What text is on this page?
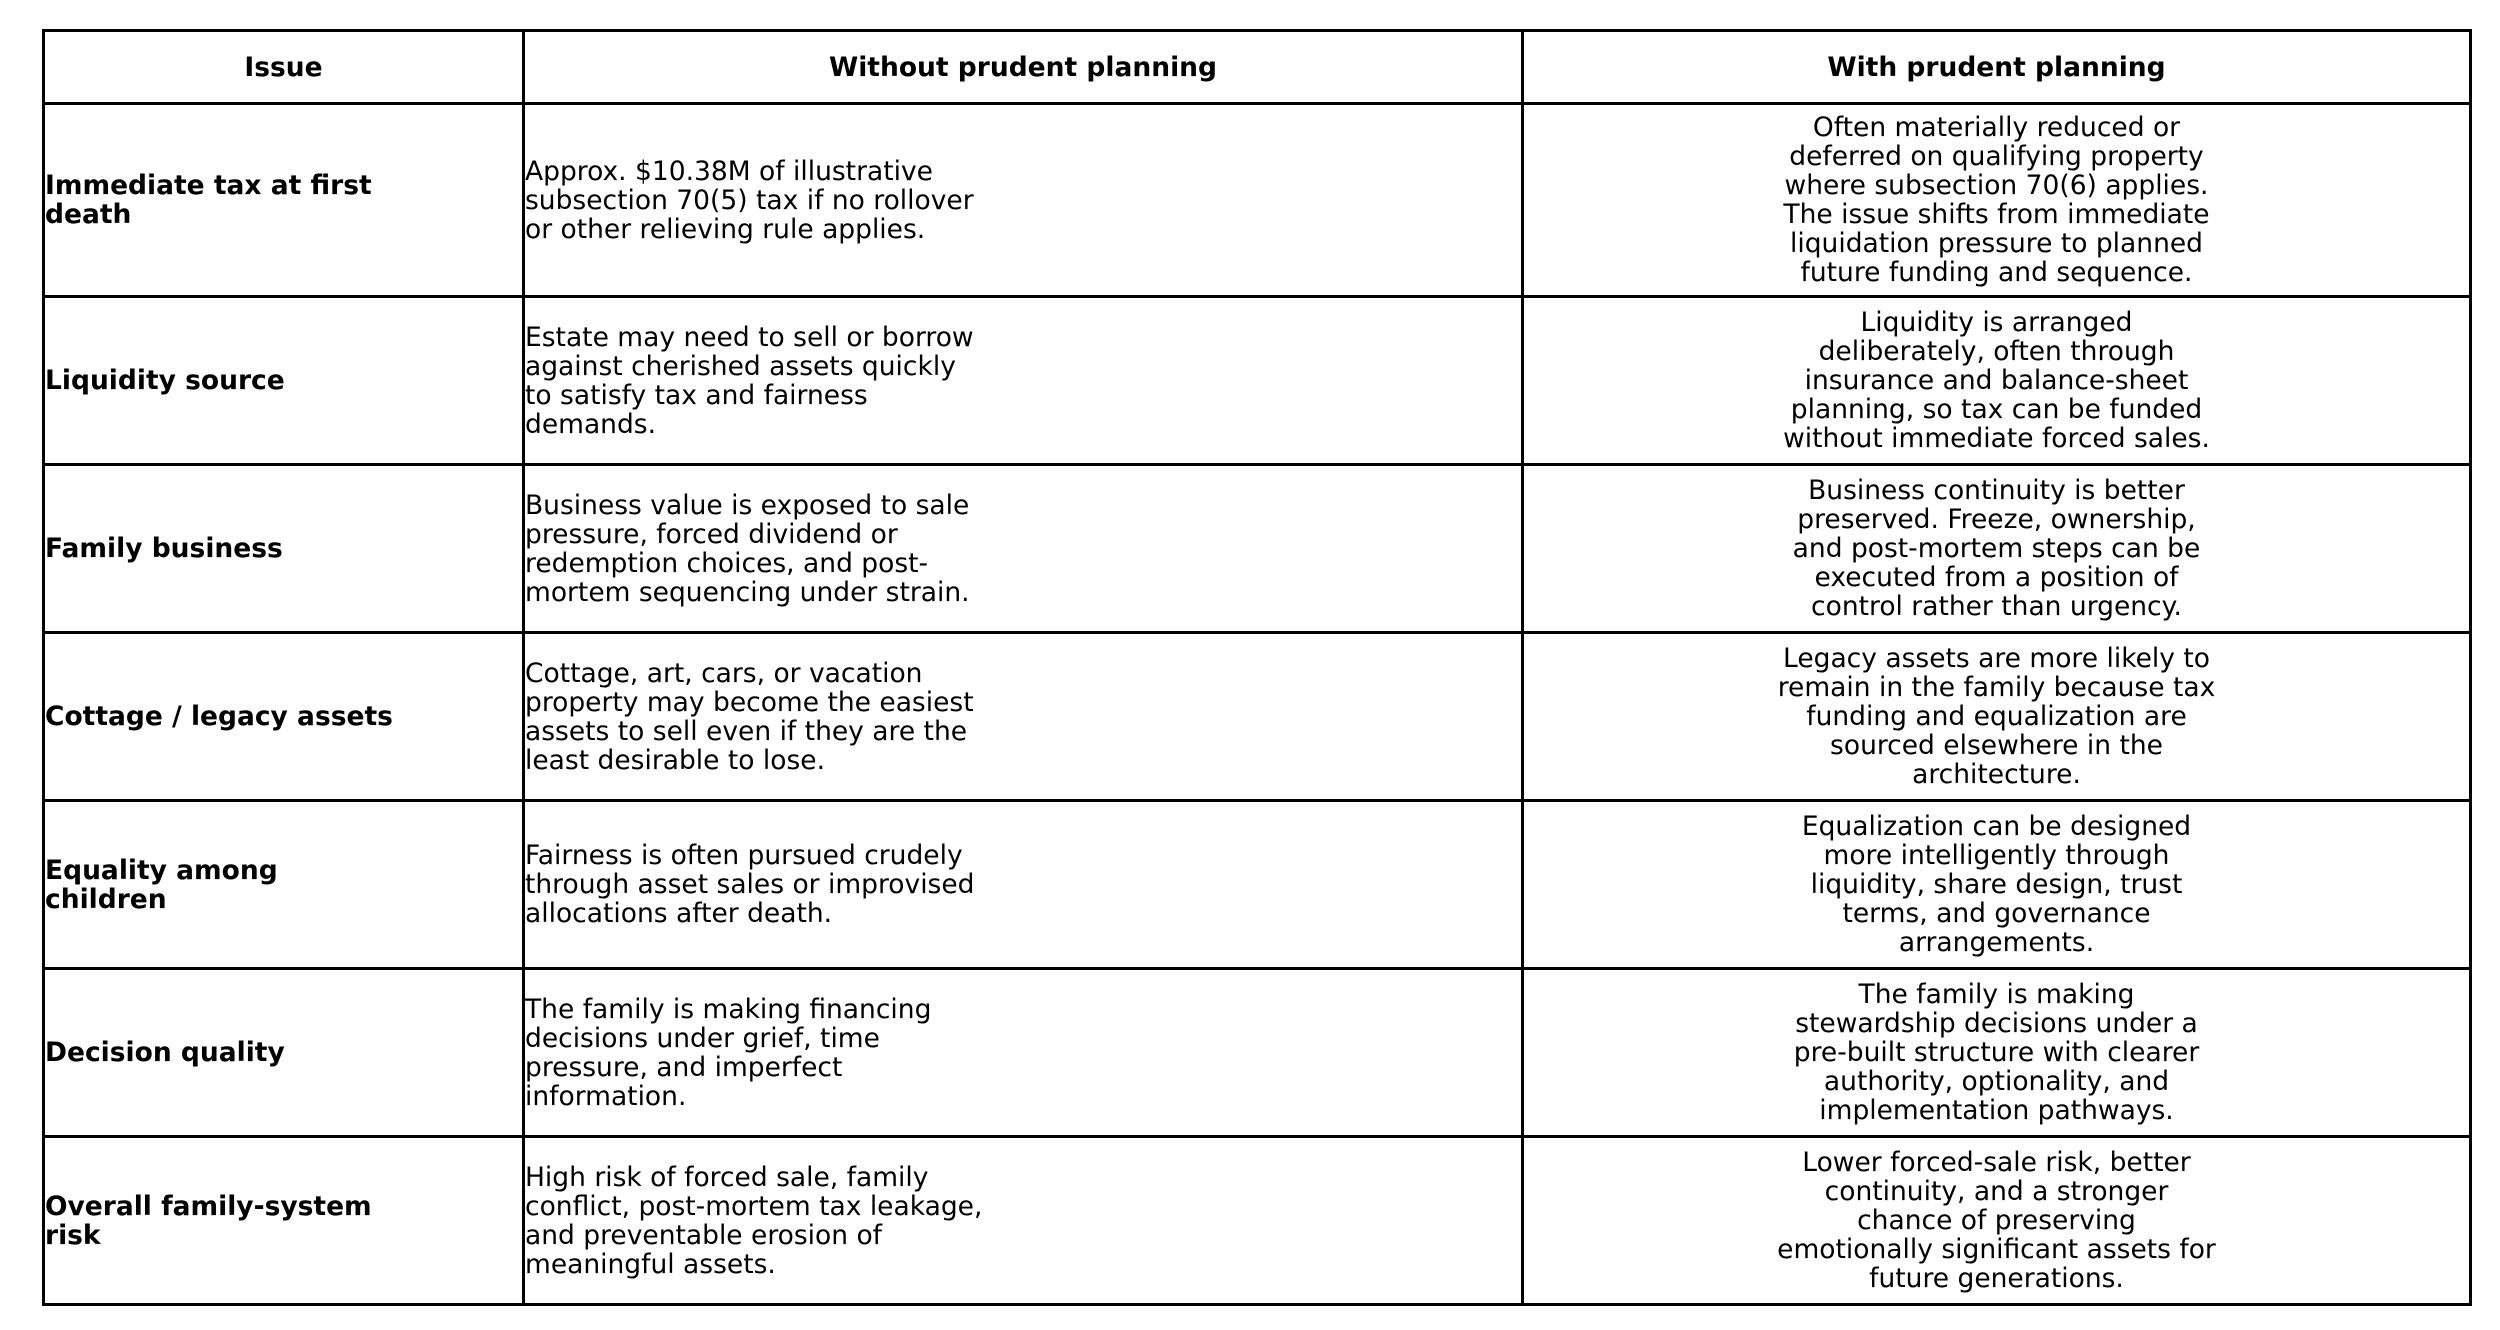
Issue	Without prudent planning	With prudent planning

Immediate tax at first death	Approx. $10.38M of illustrative subsection 70(5) tax if no rollover or other relieving rule applies.	Often materially reduced or deferred on qualifying property where subsection 70(6) applies. The issue shifts from immediate liquidation pressure to planned future funding and sequence.

Liquidity source	Estate may need to sell or borrow against cherished assets quickly to satisfy tax and fairness demands.	Liquidity is arranged deliberately, often through insurance and balance-sheet planning, so tax can be funded without immediate forced sales.

Family business	Business value is exposed to sale pressure, forced dividend or redemption choices, and post-mortem sequencing under strain.	Business continuity is better preserved. Freeze, ownership, and post-mortem steps can be executed from a position of control rather than urgency.

Cottage / legacy assets	Cottage, art, cars, or vacation property may become the easiest assets to sell even if they are the least desirable to lose.	Legacy assets are more likely to remain in the family because tax funding and equalization are sourced elsewhere in the architecture.

Equality among children	Fairness is often pursued crudely through asset sales or improvised allocations after death.	Equalization can be designed more intelligently through liquidity, share design, trust terms, and governance arrangements.

Decision quality	The family is making financing decisions under grief, time pressure, and imperfect information.	The family is making stewardship decisions under a pre-built structure with clearer authority, optionality, and implementation pathways.

Overall family-system risk	High risk of forced sale, family conflict, post-mortem tax leakage, and preventable erosion of meaningful assets.	Lower forced-sale risk, better continuity, and a stronger chance of preserving emotionally significant assets for future generations.
